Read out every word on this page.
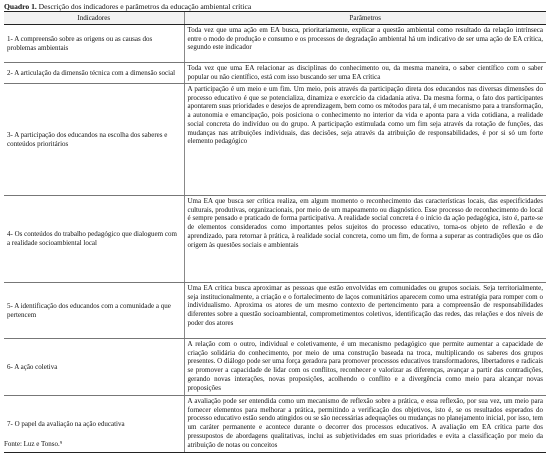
Quadro 1. Descrição dos indicadores e parâmetros da educação ambiental crítica
Indicadores	Parâmetros
1- A compreensão sobre as origens ou as causas dos problemas ambientais	Toda vez que uma ação em EA busca, prioritariamente, explicar a questão ambiental como resultado da relação intrínseca entre o modo de produção e consumo e os processos de degradação ambiental há um indicativo de ser uma ação de EA crítica, segundo este indicador
2- A articulação da dimensão técnica com a dimensão social	Toda vez que uma EA relacionar as disciplinas do conhecimento ou, da mesma maneira, o saber científico com o saber popular ou não científico, está com isso buscando ser uma EA crítica
3- A participação dos educandos na escolha dos saberes e conteúdos prioritários	A participação é um meio e um fim. Um meio, pois através da participação direta dos educandos nas diversas dimensões do processo educativo é que se potencializa, dinamiza e exercício da cidadania ativa. Da mesma forma, o fato dos participantes apontarem suas prioridades e desejos de aprendizagem, bem como os métodos para tal, é um mecanismo para a transformação, a autonomia e emancipação, pois posiciona o conhecimento no interior da vida e aponta para a vida cotidiana, a realidade social concreta do indivíduo ou do grupo. A participação estimulada como um fim seja através da rotação de funções, das mudanças nas atribuições individuais, das decisões, seja através da atribuição de responsabilidades, é por si só um forte elemento pedagógico
4- Os conteúdos do trabalho pedagógico que dialoguem com a realidade socioambiental local	Uma EA que busca ser crítica realiza, em algum momento o reconhecimento das características locais, das especificidades culturais, produtivas, organizacionais, por meio de um mapeamento ou diagnóstico. Esse processo de reconhecimento do local é sempre pensado e praticado de forma participativa. A realidade social concreta é o início da ação pedagógica, isto é, parte-se de elementos considerados como importantes pelos sujeitos do processo educativo, torna-os objeto de reflexão e de aprendizado, para retornar à prática, à realidade social concreta, como um fim, de forma a superar as contradições que os dão origem às questões sociais e ambientais
5- A identificação dos educandos com a comunidade a que pertencem	Uma EA crítica busca aproximar as pessoas que estão envolvidas em comunidades ou grupos sociais. Seja territorialmente, seja institucionalmente, a criação e o fortalecimento de laços comunitários aparecem como uma estratégia para romper com o individualismo. Aproxima os atores de um mesmo contexto de pertencimento para a compreensão de responsabilidades diferentes sobre a questão socioambiental, comprometimentos coletivos, identificação das redes, das relações e dos níveis de poder dos atores
6- A ação coletiva	A relação com o outro, individual e coletivamente, é um mecanismo pedagógico que permite aumentar a capacidade de criação solidária do conhecimento, por meio de uma construção baseada na troca, multiplicando os saberes dos grupos presentes. O diálogo pode ser uma força geradora para promover processos educativos transformadores, libertadores e radicais se promover a capacidade de lidar com os conflitos, reconhecer e valorizar as diferenças, avançar a partir das contradições, gerando novas interações, novas proposições, acolhendo o conflito e a divergência como meio para alcançar novas proposições
7- O papel da avaliação na ação educativa	A avaliação pode ser entendida como um mecanismo de reflexão sobre a prática, e essa reflexão, por sua vez, um meio para fornecer elementos para melhorar a prática, permitindo a verificação dos objetivos, isto é, se os resultados esperados do processo educativo estão sendo atingidos ou se são necessárias adequações ou mudanças no planejamento inicial, por isso, tem um caráter permanente e acontece durante o decorrer dos processos educativos. A avaliação em EA crítica parte dos pressupostos de abordagens qualitativas, inclui as subjetividades em suas prioridades e evita a classificação por meio da atribuição de notas ou conceitos
Fonte: Luz e Tonso.⁹
